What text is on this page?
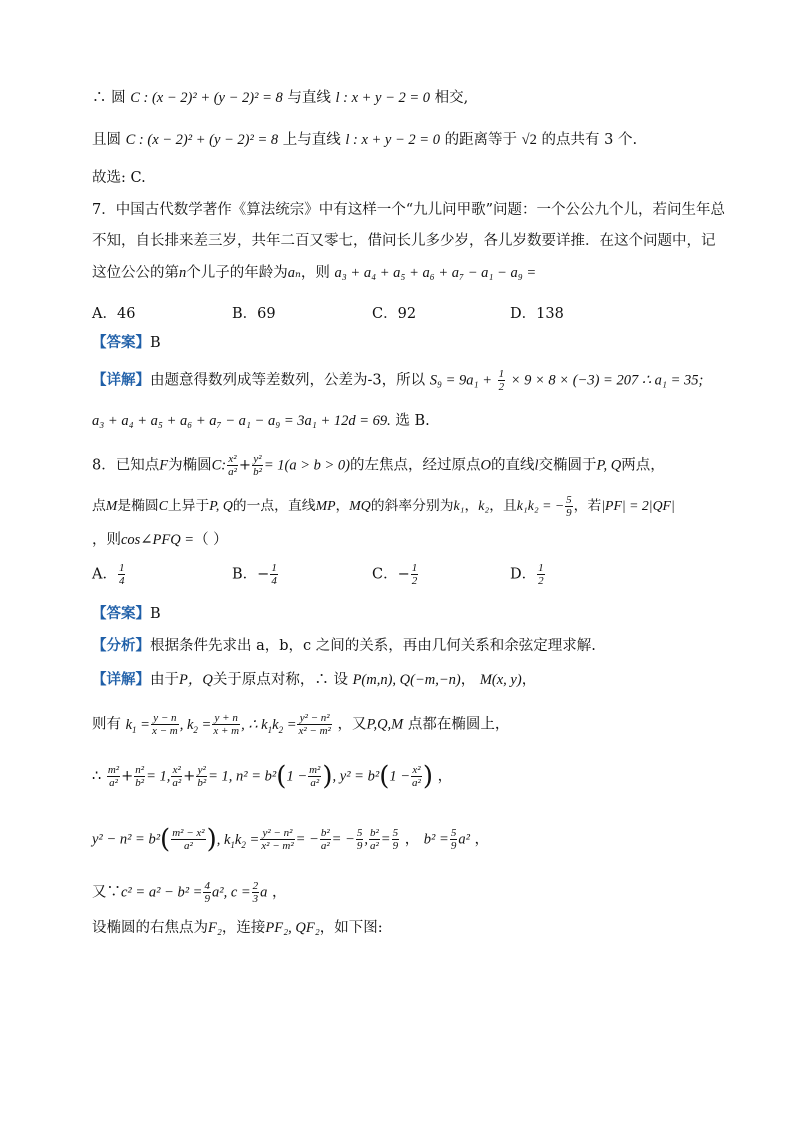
∴ 圆 C : (x − 2)² + (y − 2)² = 8 与直线 l : x + y − 2 = 0 相交,
且圆 C : (x − 2)² + (y − 2)² = 8 上与直线 l : x + y − 2 = 0 的距离等于 √2 的点共有 3 个.
故选: C.
7．中国古代数学著作《算法统宗》中有这样一个“九儿问甲歌”问题：一个公公九个儿，若问生年总
不知，自长排来差三岁，共年二百又零七，借问长儿多少岁，各儿岁数要详推．在这个问题中，记
这位公公的第n个儿子的年龄为aₙ，则 a₃ + a₄ + a₅ + a₆ + a₇ − a₁ − a₉ =
A．46	B．69	C．92	D．138
【答案】B
【详解】由题意得数列成等差数列，公差为-3，所以 $S_9 = 9a_1 + \frac{1}{2} \times 9 \times 8 \times (-3) = 207$ ∴ a₁ = 35;
a₃ + a₄ + a₅ + a₆ + a₇ − a₁ − a₉ = 3a₁ + 12d = 69. 选 B.
8．已知点F为椭圆C: $\frac{\text{x²}}{\text{a²}} + \frac{\text{y²}}{\text{b²}} = 1(a > b > 0)$的左焦点，经过原点O的直线l交椭圆于P, Q两点，
点M是椭圆C上异于P, Q的一点，直线MP，MQ的斜率分别为k₁，k₂，且k₁k₂ = − $\frac{5}{9}$ ，若|PF| = 2|QF|
，则cos∠PFQ =（ ）
A． $\frac{1}{4}$	B．− $\frac{1}{4}$	C．− $\frac{1}{2}$	D． $\frac{1}{2}$
【答案】B
【分析】根据条件先求出 a，b，c 之间的关系，再由几何关系和余弦定理求解.
【详解】由于P，Q关于原点对称，∴ 设 P(m,n), Q(−m,−n)， M(x, y)，
则有 $k_1 = \frac{y - n}{x - m}$ , $k_2 = \frac{y + n}{x + m}$ , ∴ $k_1k_2 = \frac{\text{y² − n²}}{\text{x² − m²}}$ ，又P,Q,M 点都在椭圆上，
∴ $\frac{\text{m²}}{\text{a²}} + \frac{\text{n²}}{\text{b²}} = 1$, $\frac{\text{x²}}{\text{a²}} + \frac{\text{y²}}{\text{b²}} = 1$, $n^2 = b^2(1 - \frac{\text{m²}}{\text{a²}}$ ), $y^2 = b^2(1 - \frac{\text{x²}}{\text{a²}}$ ) ，
$y^2 - n^2 = b^2( \frac{\text{m² − x²}}{\text{a²}}$ ), $k_1k_2 = \frac{\text{y² − n²}}{\text{x² − m²}}$ = − $\frac{\text{b²}}{\text{a²}}$ = − $\frac{5}{9}$ , $\frac{\text{b²}}{\text{a²}} = \frac{5}{9}$ ， $b^2 = \frac{5}{9} a^2$ ，
又∵c² = $a^2 - b^2 = \frac{4}{9} a^2$, $c = \frac{2}{3}$ a ，
设椭圆的右焦点为F₂，连接PF₂, QF₂，如下图:
